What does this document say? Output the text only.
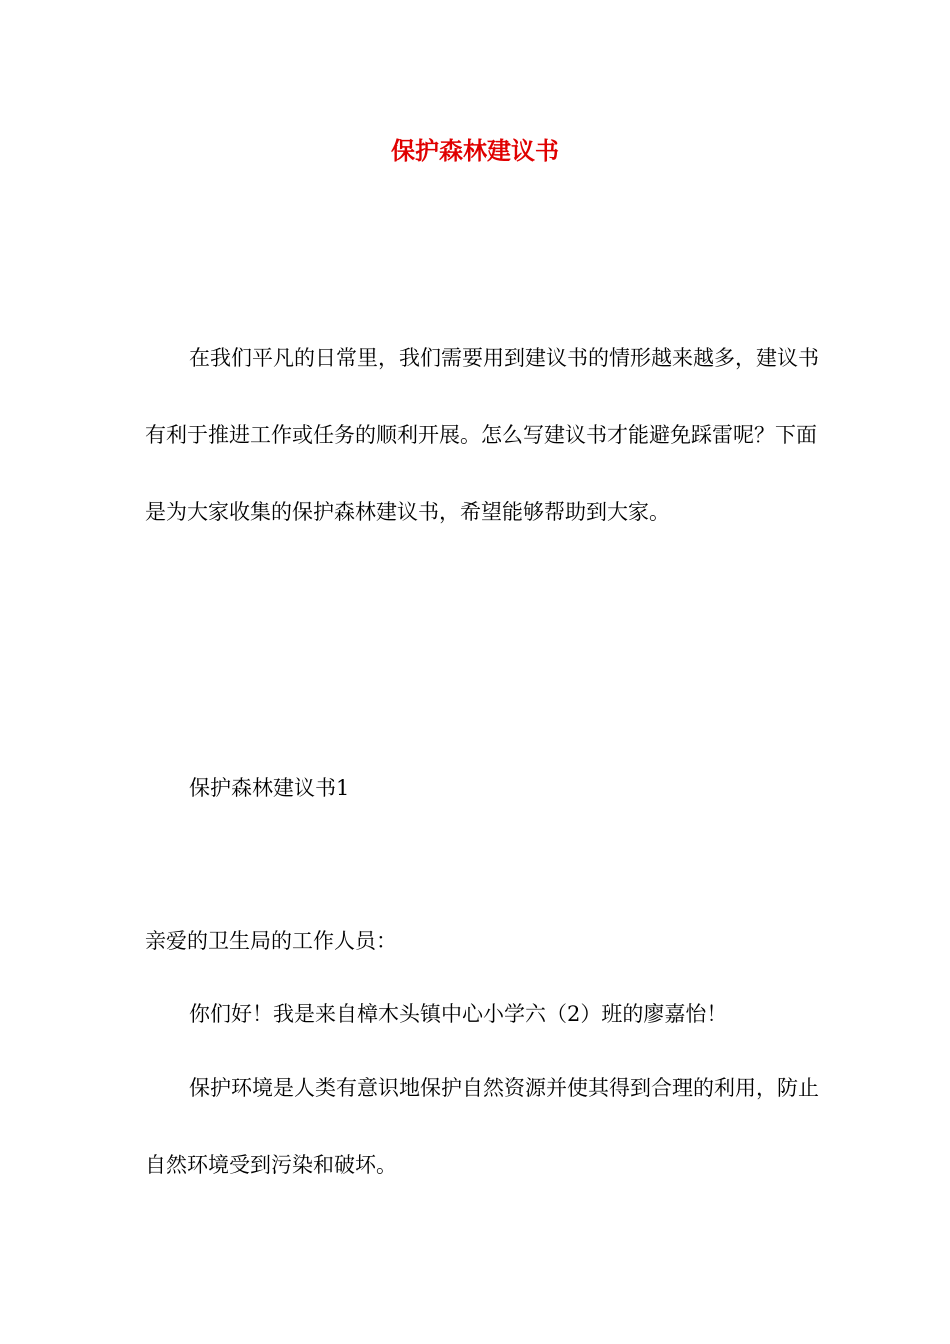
保护森林建议书

在我们平凡的日常里，我们需要用到建议书的情形越来越多，建议书有利于推进工作或任务的顺利开展。怎么写建议书才能避免踩雷呢？下面是为大家收集的保护森林建议书，希望能够帮助到大家。

保护森林建议书1

亲爱的卫生局的工作人员：

你们好！我是来自樟木头镇中心小学六（2）班的廖嘉怡！

保护环境是人类有意识地保护自然资源并使其得到合理的利用，防止自然环境受到污染和破坏。
